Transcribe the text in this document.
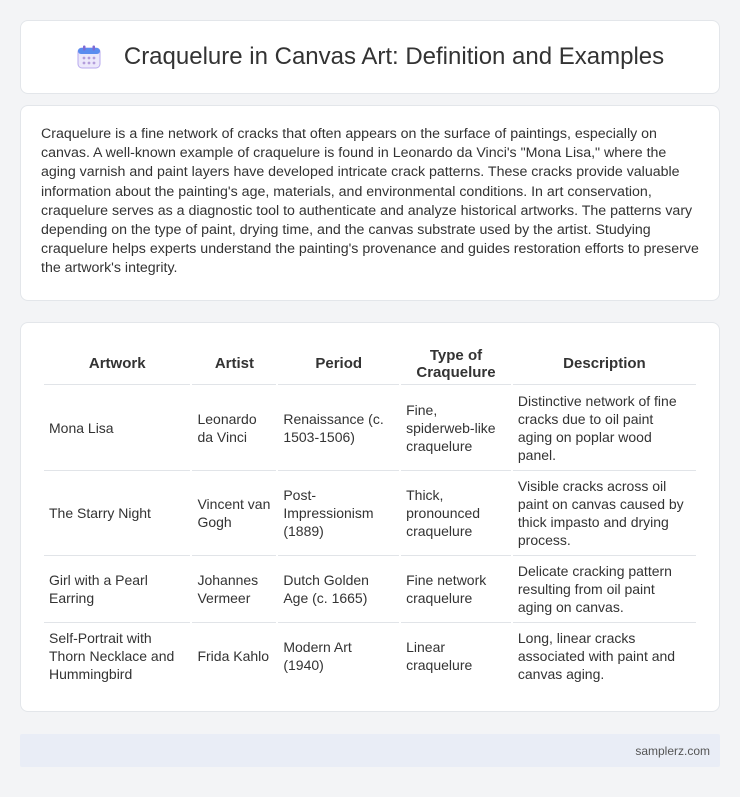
Craquelure in Canvas Art: Definition and Examples

Craquelure is a fine network of cracks that often appears on the surface of paintings, especially on canvas. A well-known example of craquelure is found in Leonardo da Vinci's "Mona Lisa," where the aging varnish and paint layers have developed intricate crack patterns. These cracks provide valuable information about the painting's age, materials, and environmental conditions. In art conservation, craquelure serves as a diagnostic tool to authenticate and analyze historical artworks. The patterns vary depending on the type of paint, drying time, and the canvas substrate used by the artist. Studying craquelure helps experts understand the painting's provenance and guides restoration efforts to preserve the artwork's integrity.

Artwork	Artist	Period	Type of Craquelure	Description
Mona Lisa	Leonardo da Vinci	Renaissance (c. 1503-1506)	Fine, spiderweb-like craquelure	Distinctive network of fine cracks due to oil paint aging on poplar wood panel.
The Starry Night	Vincent van Gogh	Post-Impressionism (1889)	Thick, pronounced craquelure	Visible cracks across oil paint on canvas caused by thick impasto and drying process.
Girl with a Pearl Earring	Johannes Vermeer	Dutch Golden Age (c. 1665)	Fine network craquelure	Delicate cracking pattern resulting from oil paint aging on canvas.
Self-Portrait with Thorn Necklace and Hummingbird	Frida Kahlo	Modern Art (1940)	Linear craquelure	Long, linear cracks associated with paint and canvas aging.
samplerz.com
